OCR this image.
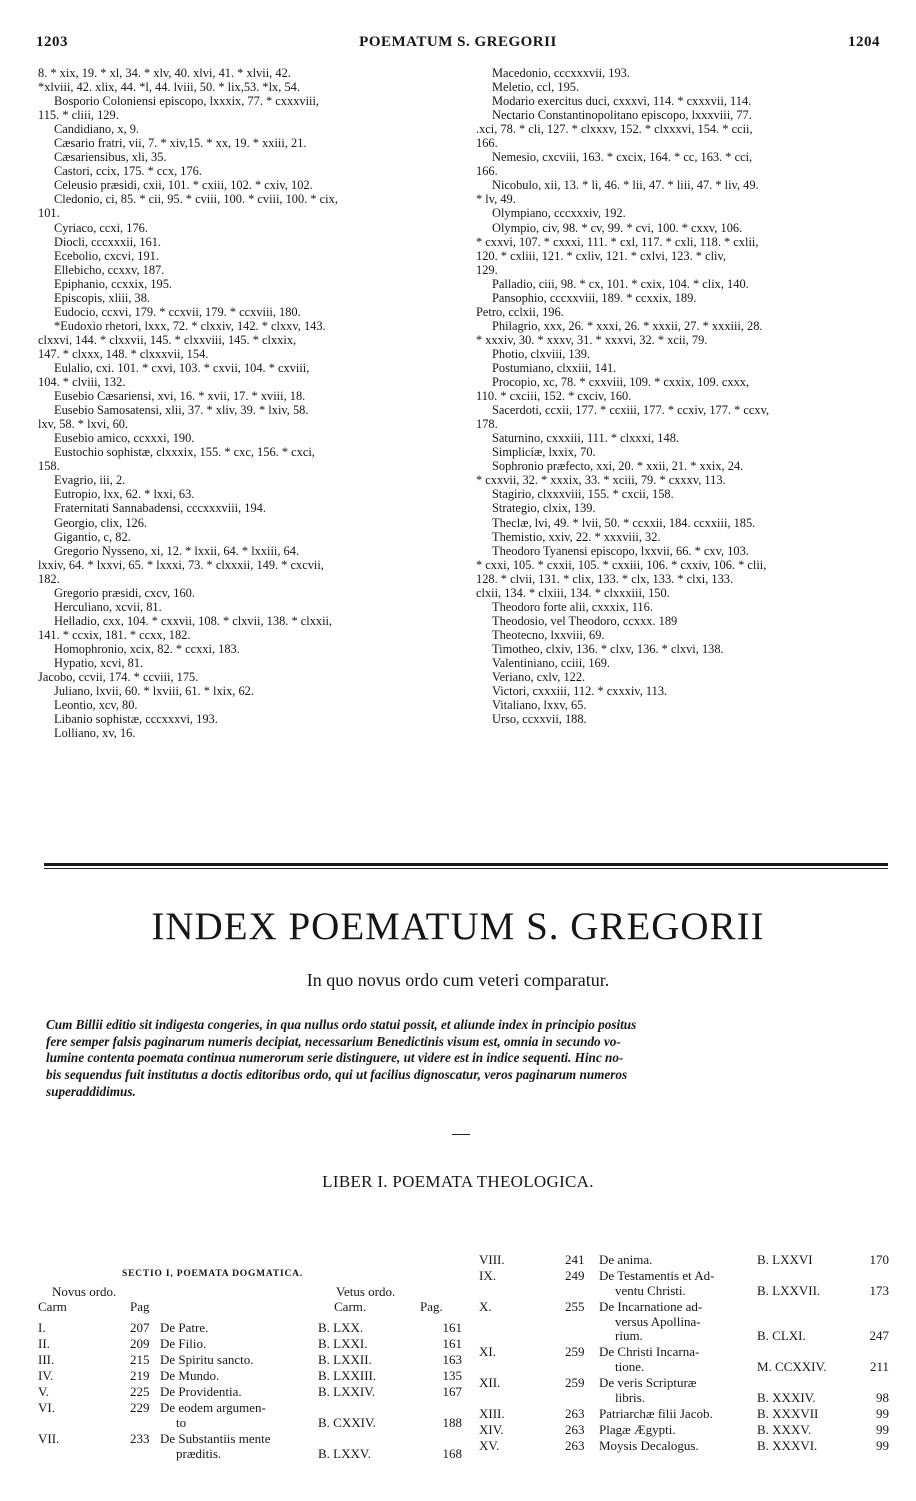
1203	POEMATUM S. GREGORII	1204
8. * xix, 19. * xl, 34. * xlv, 40. xlvi, 41. * xlvii, 42.
*xlviii, 42. xlix, 44. *l, 44. lviii, 50. * lix,53. *lx, 54.
Bosporio Coloniensi episcopo, lxxxix, 77. * cxxxviii,
115. * cliii, 129.
Candidiano, x, 9.
Cæsario fratri, vii, 7. * xiv,15. * xx, 19. * xxiii, 21.
Cæsariensibus, xli, 35.
Castori, ccix, 175. * ccx, 176.
Celeusio præsidi, cxii, 101. * cxiii, 102. * cxiv, 102.
Cledonio, ci, 85. * cii, 95. * cviii, 100. * cviii, 100. * cix,
101.
Cyriaco, ccxi, 176.
Diocli, cccxxxii, 161.
Ecebolio, cxcvi, 191.
Ellebicho, ccxxv, 187.
Epiphanio, ccxxix, 195.
Episcopis, xliii, 38.
Eudocio, ccxvi, 179. * ccxvii, 179. * ccxviii, 180.
*Eudoxio rhetori, lxxx, 72. * clxxiv, 142. * clxxv, 143.
clxxvi, 144. * clxxvii, 145. * clxxviii, 145. * clxxix,
147. * clxxx, 148. * clxxxvii, 154.
Eulalio, cxi. 101. * cxvi, 103. * cxvii, 104. * cxviii,
104. * clviii, 132.
Eusebio Cæsariensi, xvi, 16. * xvii, 17. * xviii, 18.
Eusebio Samosatensi, xlii, 37. * xliv, 39. * lxiv, 58.
lxv, 58. * lxvi, 60.
Eusebio amico, ccxxxi, 190.
Eustochio sophistæ, clxxxix, 155. * cxc, 156. * cxci,
158.
Evagrio, iii, 2.
Eutropio, lxx, 62. * lxxi, 63.
Fraternitati Sannabadensi, cccxxxviii, 194.
Georgio, clix, 126.
Gigantio, c, 82.
Gregorio Nysseno, xi, 12. * lxxii, 64. * lxxiii, 64.
lxxiv, 64. * lxxvi, 65. * lxxxi, 73. * clxxxii, 149. * cxcvii,
182.
Gregorio præsidi, cxcv, 160.
Herculiano, xcvii, 81.
Helladio, cxx, 104. * cxxvii, 108. * clxvii, 138. * clxxii,
141. * ccxix, 181. * ccxx, 182.
Homophronio, xcix, 82. * ccxxi, 183.
Hypatio, xcvi, 81.
Jacobo, ccvii, 174. * ccviii, 175.
Juliano, lxvii, 60. * lxviii, 61. * lxix, 62.
Leontio, xcv, 80.
Libanio sophistæ, cccxxxvi, 193.
Lolliano, xv, 16.
Macedonio, cccxxxvii, 193.
Meletio, ccl, 195.
Modario exercitus duci, cxxxvi, 114. * cxxxvii, 114.
Nectario Constantinopolitano episcopo, lxxxviii, 77.
.xci, 78. * cli, 127. * clxxxv, 152. * clxxxvi, 154. * ccii,
166.
Nemesio, cxcviii, 163. * cxcix, 164. * cc, 163. * cci,
166.
Nicobulo, xii, 13. * li, 46. * lii, 47. * liii, 47. * liv, 49.
* lv, 49.
Olympiano, cccxxxiv, 192.
Olympio, civ, 98. * cv, 99. * cvi, 100. * cxxv, 106.
* cxxvi, 107. * cxxxi, 111. * cxl, 117. * cxli, 118. * cxlii,
120. * cxliii, 121. * cxliv, 121. * cxlvi, 123. * cliv,
129.
Palladio, ciii, 98. * cx, 101. * cxix, 104. * clix, 140.
Pansophio, cccxxviii, 189. * ccxxix, 189.
Petro, cclxii, 196.
Philagrio, xxx, 26. * xxxi, 26. * xxxii, 27. * xxxiii, 28.
* xxxiv, 30. * xxxv, 31. * xxxvi, 32. * xcii, 79.
Photio, clxviii, 139.
Postumiano, clxxiii, 141.
Procopio, xc, 78. * cxxviii, 109. * cxxix, 109. cxxx,
110. * cxciii, 152. * cxciv, 160.
Sacerdoti, ccxii, 177. * ccxiii, 177. * ccxiv, 177. * ccxv,
178.
Saturnino, cxxxiii, 111. * clxxxi, 148.
Simplicíæ, lxxix, 70.
Sophronio præfecto, xxi, 20. * xxii, 21. * xxix, 24.
* cxxvii, 32. * xxxix, 33. * xciii, 79. * cxxxv, 113.
Stagirio, clxxxviii, 155. * cxcii, 158.
Strategio, clxix, 139.
Theclæ, lvi, 49. * lvii, 50. * ccxxii, 184. ccxxiii, 185.
Themistio, xxiv, 22. * xxxviii, 32.
Theodoro Tyanensi episcopo, lxxvii, 66. * cxv, 103.
* cxxi, 105. * cxxii, 105. * cxxiii, 106. * cxxiv, 106. * clii,
128. * clvii, 131. * clix, 133. * clx, 133. * clxi, 133.
clxii, 134. * clxiii, 134. * clxxxiii, 150.
Theodoro forte alii, cxxxix, 116.
Theodosio, vel Theodoro, ccxxx. 189
Theotecno, lxxviii, 69.
Timotheo, clxiv, 136. * clxv, 136. * clxvi, 138.
Valentiniano, cciii, 169.
Veriano, cxlv, 122.
Victori, cxxxiii, 112. * cxxxiv, 113.
Vitaliano, lxxv, 65.
Urso, ccxxvii, 188.
INDEX POEMATUM S. GREGORII
In quo novus ordo cum veteri comparatur.
Cum Billii editio sit indigesta congeries, in qua nullus ordo statui possit, et aliunde index in principio positus
fere semper falsis paginarum numeris decipiat, necessarium Benedictinis visum est, omnia in secundo vo-
lumine contenta poemata continua numerorum serie distinguere, ut videre est in indice sequenti. Hinc no-
bis sequendus fuit institutus a doctis editoribus ordo, qui ut facilius dignoscatur, veros paginarum numeros
superaddidimus.
LIBER I. POEMATA THEOLOGICA.
SECTIO I, POEMATA DOGMATICA.
Novus ordo.	Vetus ordo.
Carm	Pag	Carm.	Pag.
I.	207 De Patre.	B. LXX.	161
II.	209 De Filio.	B. LXXI.	161
III.	215 De Spiritu sancto.	B. LXXII.	163
IV.	219 De Mundo.	B. LXXIII.	135
V.	225 De Providentia.	B. LXXIV.	167
VI.	229 De eodem argumen-
to	B. CXXIV.	188
VII.	233 De Substantiis mente
præditis.	B. LXXV.	168
VIII.	241 De anima.	B. LXXVI	170
IX.	249 De Testamentis et Ad-
ventu Christi.	B. LXXVII.	173
X.	255 De Incarnatione ad-
versus Apollina-
rium.	B. CLXI.	247
XI.	259 De Christi Incarna-
tione.	M. CCXXIV.	211
XII.	259 De veris Scripturæ
libris.	B. XXXIV.	98
XIII.	263 Patriarchæ filii Jacob.	B. XXXVII	99
XIV.	263 Plagæ Ægypti.	B. XXXV.	99
XV.	263 Moysis Decalogus.	B. XXXVI.	99
